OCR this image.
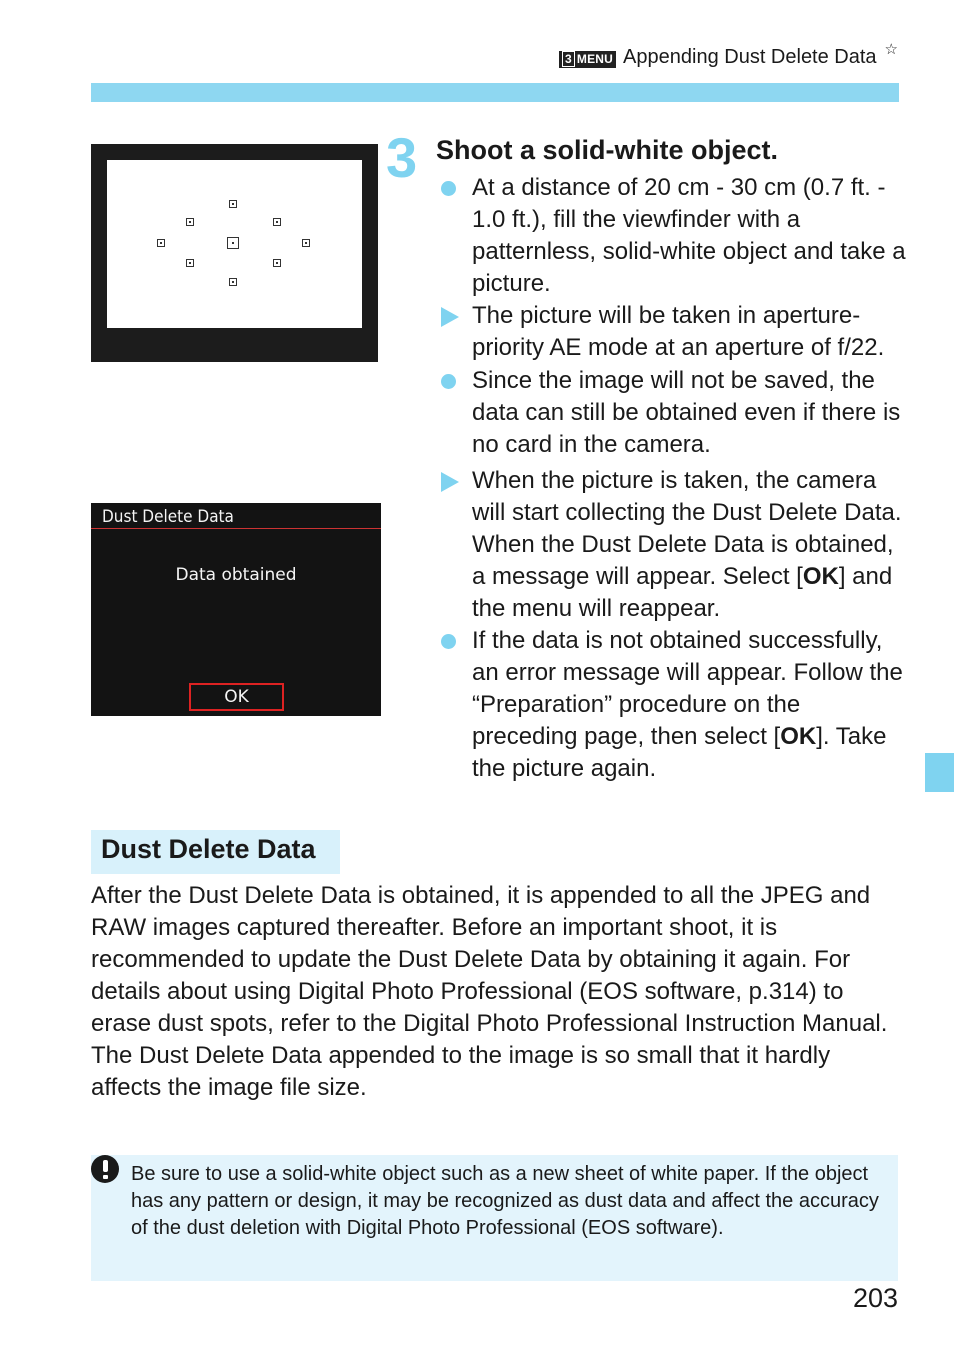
3 MENU Appending Dust Delete Data ☆
Dust Delete Data
Data obtained
OK
3 Shoot a solid-white object.
At a distance of 20 cm - 30 cm (0.7 ft. - 1.0 ft.), fill the viewfinder with a patternless, solid-white object and take a picture.
The picture will be taken in aperture-priority AE mode at an aperture of f/22.
Since the image will not be saved, the data can still be obtained even if there is no card in the camera.
When the picture is taken, the camera will start collecting the Dust Delete Data. When the Dust Delete Data is obtained, a message will appear. Select [OK] and the menu will reappear.
If the data is not obtained successfully, an error message will appear. Follow the “Preparation” procedure on the preceding page, then select [OK]. Take the picture again.
Dust Delete Data

After the Dust Delete Data is obtained, it is appended to all the JPEG and RAW images captured thereafter. Before an important shoot, it is recommended to update the Dust Delete Data by obtaining it again. For details about using Digital Photo Professional (EOS software, p.314) to erase dust spots, refer to the Digital Photo Professional Instruction Manual.

The Dust Delete Data appended to the image is so small that it hardly affects the image file size.

Be sure to use a solid-white object such as a new sheet of white paper. If the object has any pattern or design, it may be recognized as dust data and affect the accuracy of the dust deletion with Digital Photo Professional (EOS software).
203
